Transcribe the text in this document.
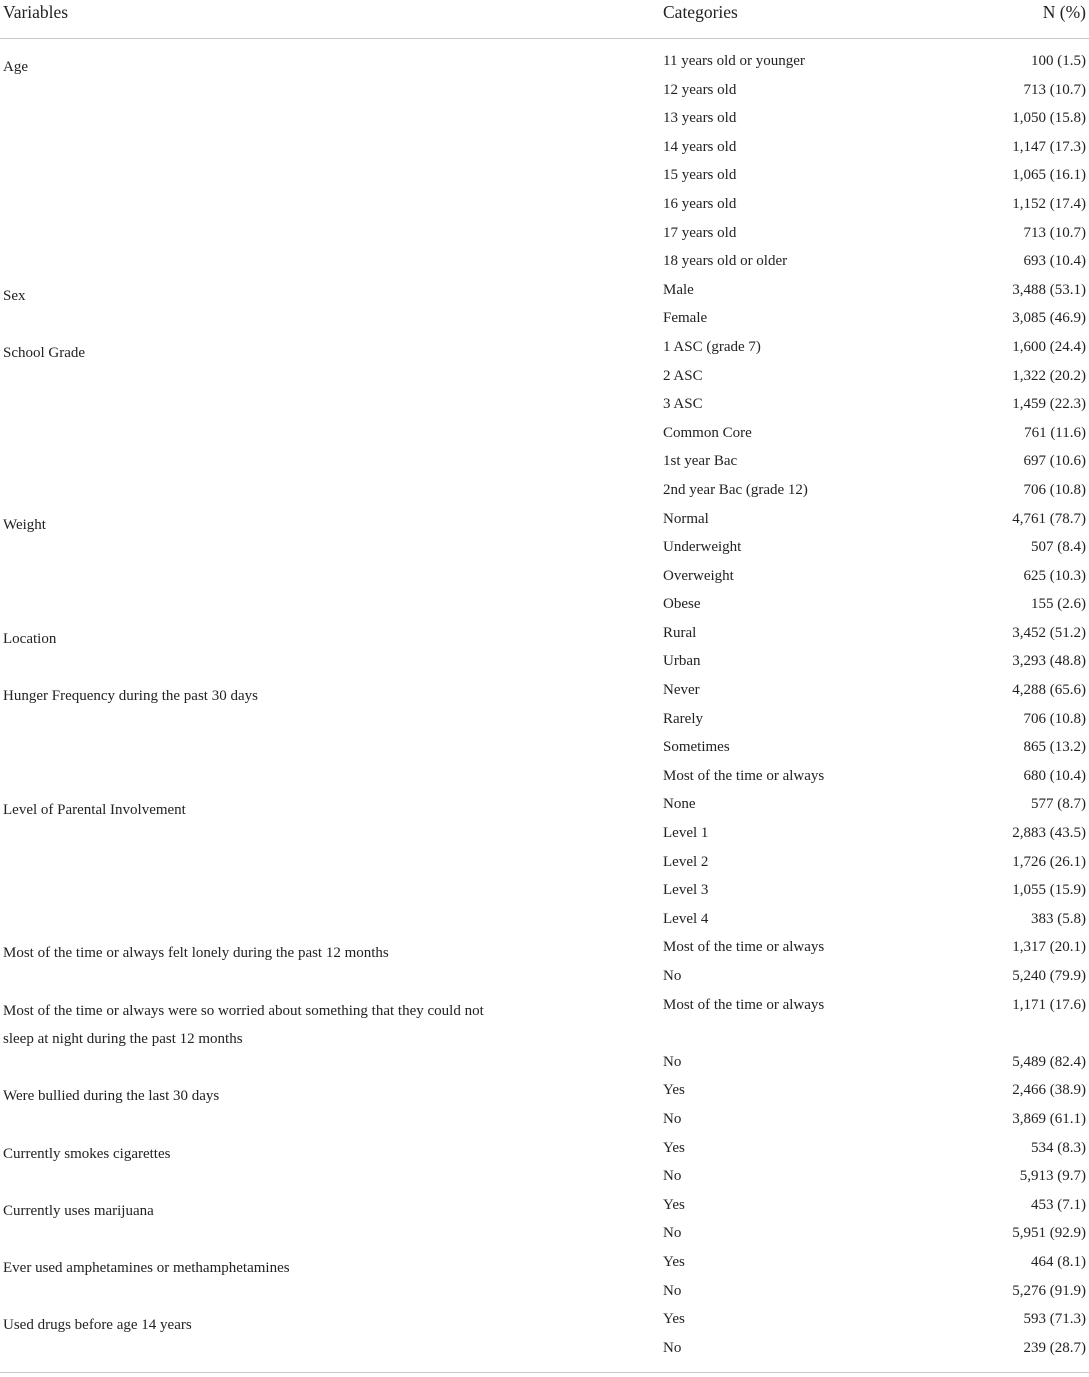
Variables	Categories	N (%)
Age	11 years old or younger	100 (1.5)
12 years old	713 (10.7)
13 years old	1,050 (15.8)
14 years old	1,147 (17.3)
15 years old	1,065 (16.1)
16 years old	1,152 (17.4)
17 years old	713 (10.7)
18 years old or older	693 (10.4)
Sex	Male	3,488 (53.1)
Female	3,085 (46.9)
School Grade	1 ASC (grade 7)	1,600 (24.4)
2 ASC	1,322 (20.2)
3 ASC	1,459 (22.3)
Common Core	761 (11.6)
1st year Bac	697 (10.6)
2nd year Bac (grade 12)	706 (10.8)
Weight	Normal	4,761 (78.7)
Underweight	507 (8.4)
Overweight	625 (10.3)
Obese	155 (2.6)
Location	Rural	3,452 (51.2)
Urban	3,293 (48.8)
Hunger Frequency during the past 30 days	Never	4,288 (65.6)
Rarely	706 (10.8)
Sometimes	865 (13.2)
Most of the time or always	680 (10.4)
Level of Parental Involvement	None	577 (8.7)
Level 1	2,883 (43.5)
Level 2	1,726 (26.1)
Level 3	1,055 (15.9)
Level 4	383 (5.8)
Most of the time or always felt lonely during the past 12 months	Most of the time or always	1,317 (20.1)
No	5,240 (79.9)
Most of the time or always were so worried about something that they could not sleep at night during the past 12 months
Most of the time or always	1,171 (17.6)
No	5,489 (82.4)
Were bullied during the last 30 days	Yes	2,466 (38.9)
No	3,869 (61.1)
Currently smokes cigarettes	Yes	534 (8.3)
No	5,913 (9.7)
Currently uses marijuana	Yes	453 (7.1)
No	5,951 (92.9)
Ever used amphetamines or methamphetamines	Yes	464 (8.1)
No	5,276 (91.9)
Used drugs before age 14 years	Yes	593 (71.3)
No	239 (28.7)
